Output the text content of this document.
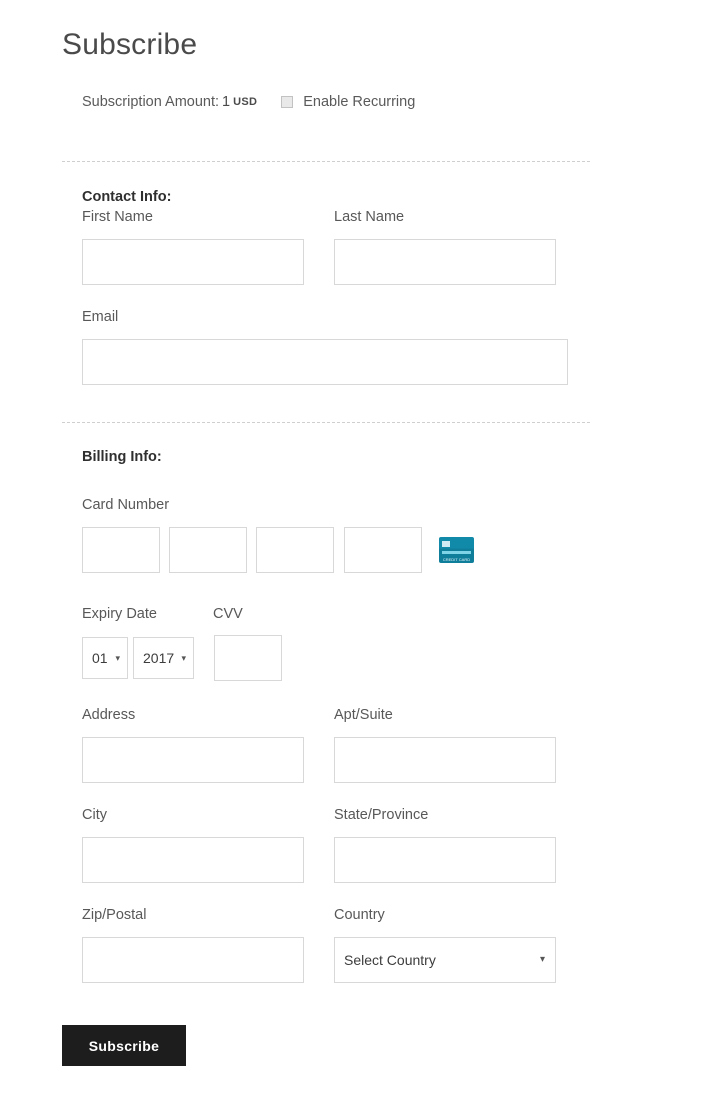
Subscribe
Subscription Amount: 1 USD	Enable Recurring
Contact Info:
First Name	Last Name
Email
Billing Info:
Card Number
CREDIT CARD
Expiry Date	CVV
01 ▾ 2017 ▾
Address	Apt/Suite
City	State/Province
Zip/Postal	Country
Select Country	▾
Subscribe
